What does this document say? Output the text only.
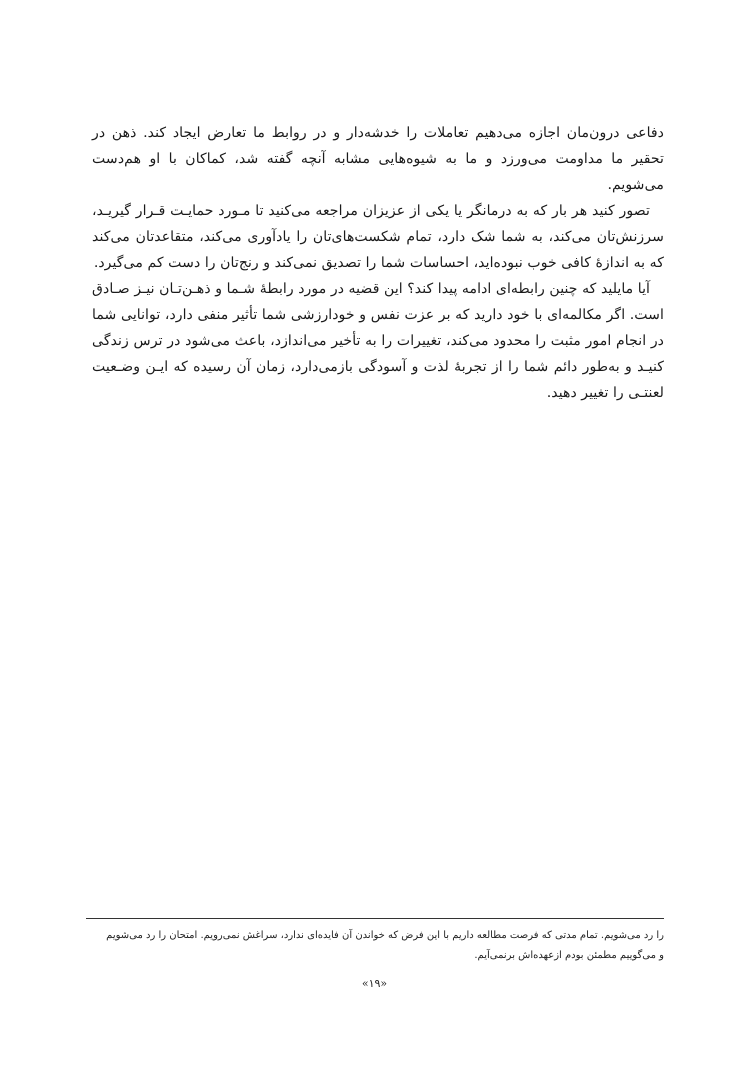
دفاعی درون‌مان اجازه می‌دهیم تعاملات را خدشه‌دار و در روابط ما تعارض ایجاد کند. ذهن در تحقیر ما مداومت می‌ورزد و ما به شیوه‌هایی مشابه آنچه گفته شد، کماکان با او هم‌دست می‌شویم.

تصور کنید هر بار که به درمانگر یا یکی از عزیزان مراجعه می‌کنید تا مـورد حمایـت قـرار گیریـد، سرزنش‌تان می‌کند، به شما شک دارد، تمام شکست‌های‌تان را یادآوری می‌کند، متقاعدتان می‌کند که به اندازهٔ کافی خوب نبوده‌اید، احساسات شما را تصدیق نمی‌کند و رنج‌تان را دست کم می‌گیرد.

آیا مایلید که چنین رابطه‌ای ادامه پیدا کند؟ این قضیه در مورد رابطهٔ شـما و ذهـن‌تـان نیـز صـادق است. اگر مکالمه‌ای با خود دارید که بر عزت نفس و خودارزشی شما تأثیر منفی دارد، توانایی شما در انجام امور مثبت را محدود می‌کند، تغییرات را به تأخیر می‌اندازد، باعث می‌شود در ترس زندگی کنیـد و به‌طور دائم شما را از تجربهٔ لذت و آسودگی بازمی‌دارد، زمان آن رسیده که ایـن وضـعیت لعنتـی را تغییر دهید.

را رد می‌شویم. تمام مدتی که فرصت مطالعه داریم با این فرض که خواندن آن فایده‌ای ندارد، سراغش نمی‌رویم. امتحان را رد می‌شویم

و می‌گوییم مطمئن بودم ازعهده‌اش برنمی‌آیم.

«۱۹»
